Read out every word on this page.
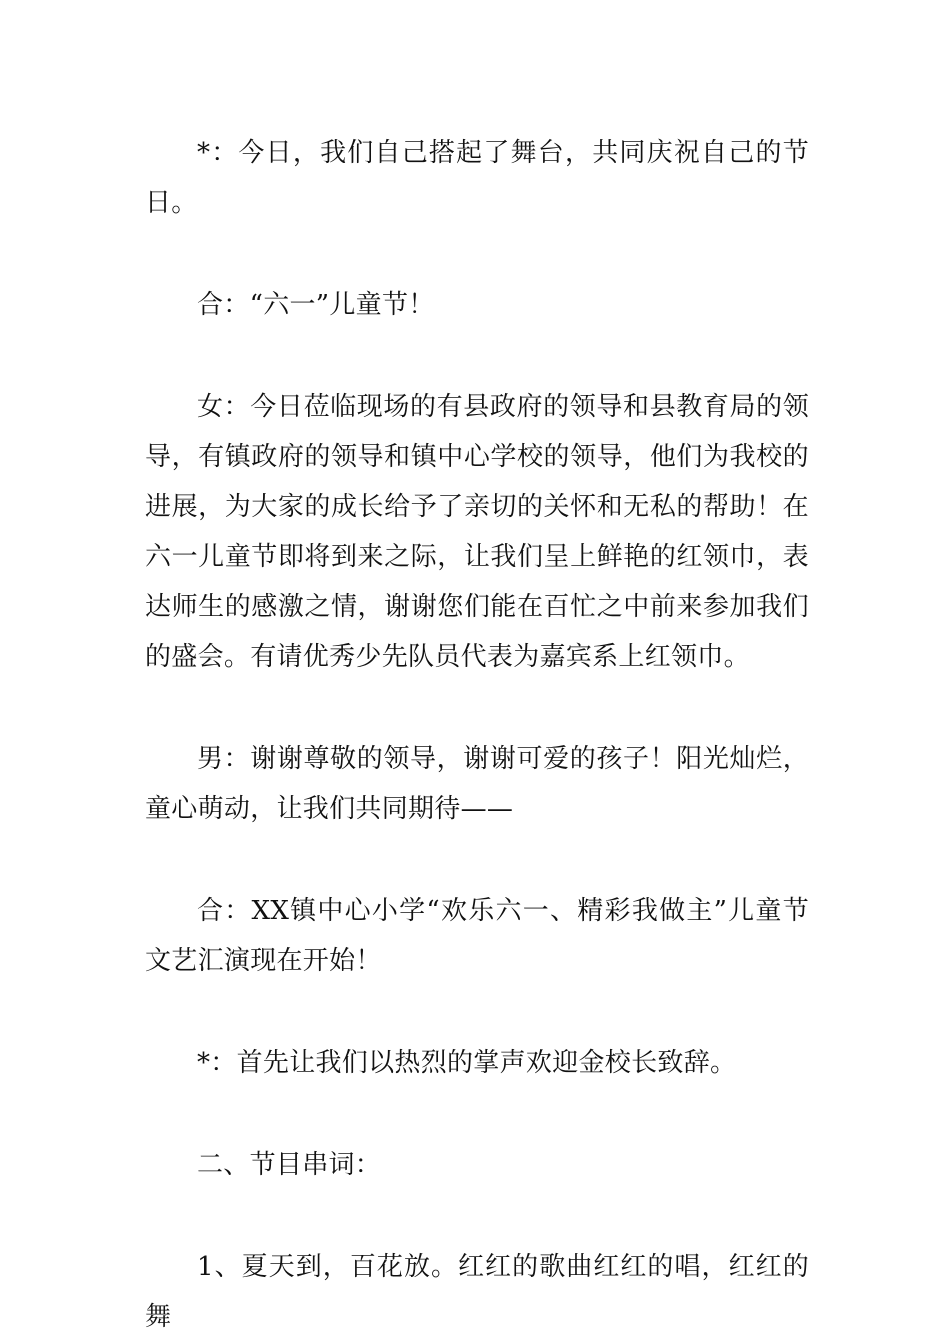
*：今日，我们自己搭起了舞台，共同庆祝自己的节日。

合：“六一”儿童节！

女：今日莅临现场的有县政府的领导和县教育局的领导，有镇政府的领导和镇中心学校的领导，他们为我校的进展，为大家的成长给予了亲切的关怀和无私的帮助！在六一儿童节即将到来之际，让我们呈上鲜艳的红领巾，表达师生的感激之情，谢谢您们能在百忙之中前来参加我们的盛会。有请优秀少先队员代表为嘉宾系上红领巾。

男：谢谢尊敬的领导，谢谢可爱的孩子！阳光灿烂，童心萌动，让我们共同期待——

合：XX镇中心小学“欢乐六一、精彩我做主”儿童节文艺汇演现在开始！

*：首先让我们以热烈的掌声欢迎金校长致辞。

二、节目串词：

1、夏天到，百花放。红红的歌曲红红的唱，红红的舞
